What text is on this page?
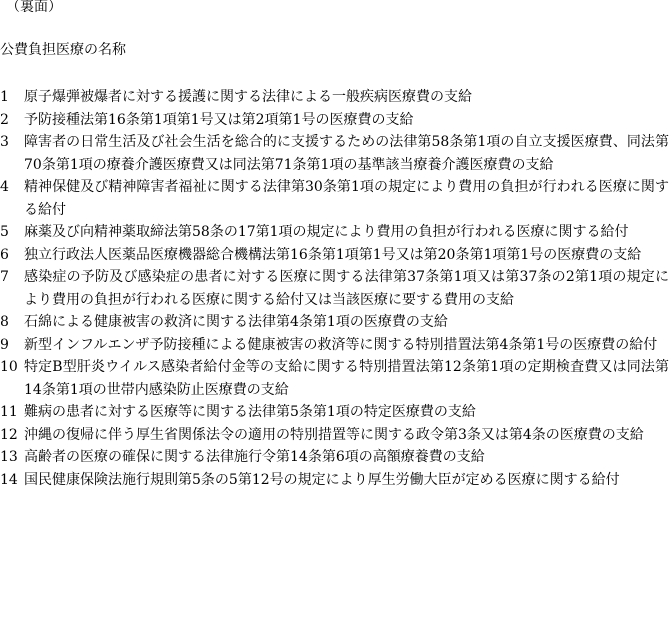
（裏面）
公費負担医療の名称
1	原子爆弾被爆者に対する援護に関する法律による一般疾病医療費の支給
2	予防接種法第16条第1項第1号又は第2項第1号の医療費の支給
3	障害者の日常生活及び社会生活を総合的に支援するための法律第58条第1項の自立支援医療費、同法第70条第1項の療養介護医療費又は同法第71条第1項の基準該当療養介護医療費の支給
4	精神保健及び精神障害者福祉に関する法律第30条第1項の規定により費用の負担が行われる医療に関する給付
5	麻薬及び向精神薬取締法第58条の17第1項の規定により費用の負担が行われる医療に関する給付
6	独立行政法人医薬品医療機器総合機構法第16条第1項第1号又は第20条第1項第1号の医療費の支給
7	感染症の予防及び感染症の患者に対する医療に関する法律第37条第1項又は第37条の2第1項の規定により費用の負担が行われる医療に関する給付又は当該医療に要する費用の支給
8	石綿による健康被害の救済に関する法律第4条第1項の医療費の支給
9	新型インフルエンザ予防接種による健康被害の救済等に関する特別措置法第4条第1号の医療費の給付
10 特定B型肝炎ウイルス感染者給付金等の支給に関する特別措置法第12条第1項の定期検査費又は同法第14条第1項の世帯内感染防止医療費の支給
11 難病の患者に対する医療等に関する法律第5条第1項の特定医療費の支給
12 沖縄の復帰に伴う厚生省関係法令の適用の特別措置等に関する政令第3条又は第4条の医療費の支給
13 高齢者の医療の確保に関する法律施行令第14条第6項の高額療養費の支給
14 国民健康保険法施行規則第5条の5第12号の規定により厚生労働大臣が定める医療に関する給付
